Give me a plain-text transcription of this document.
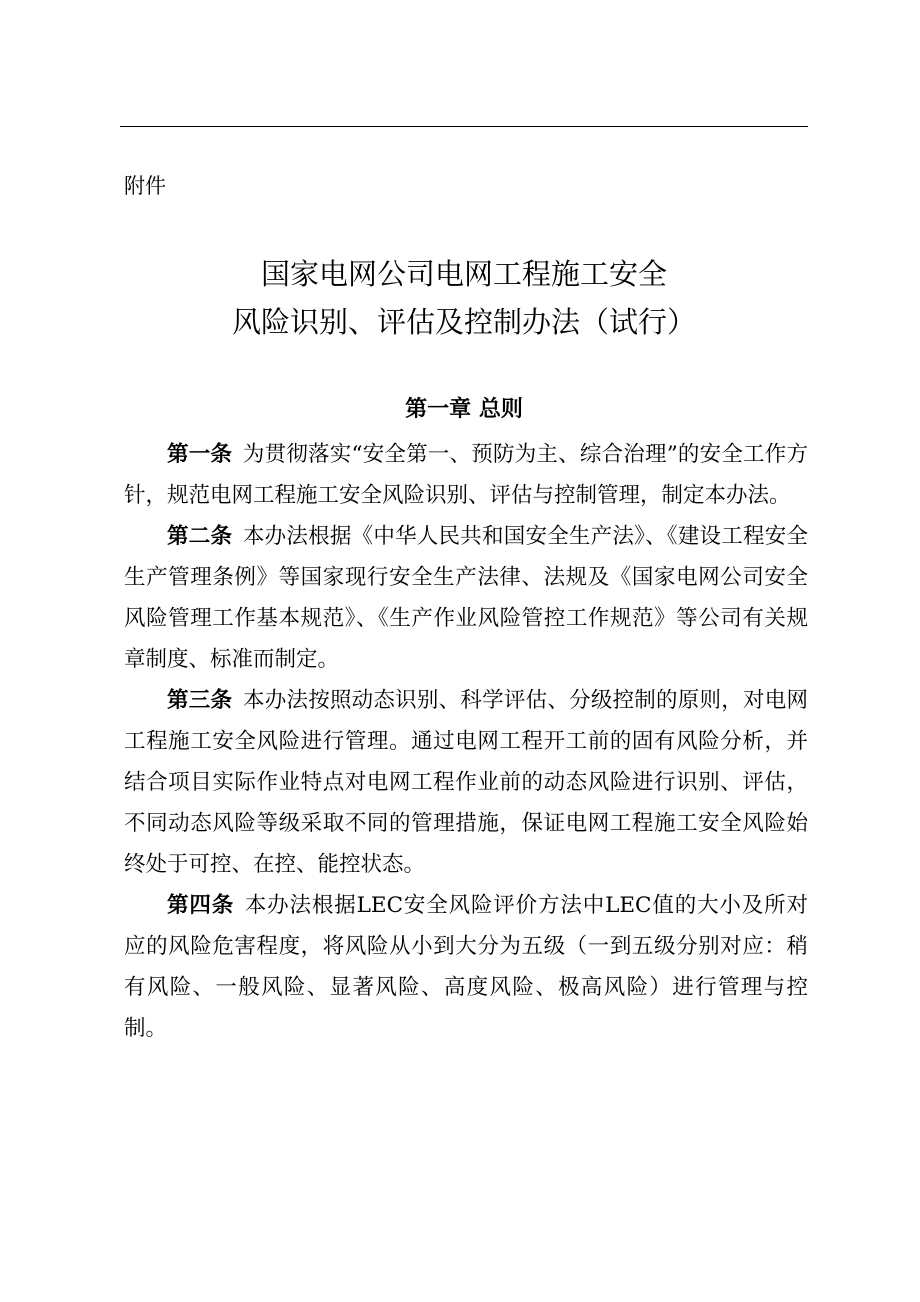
附件
国家电网公司电网工程施工安全
风险识别、评估及控制办法（试行）
第一章 总则

第一条 为贯彻落实“安全第一、预防为主、综合治理”的安全工作方针，规范电网工程施工安全风险识别、评估与控制管理，制定本办法。

第二条 本办法根据《中华人民共和国安全生产法》、《建设工程安全生产管理条例》等国家现行安全生产法律、法规及《国家电网公司安全风险管理工作基本规范》、《生产作业风险管控工作规范》等公司有关规章制度、标准而制定。

第三条 本办法按照动态识别、科学评估、分级控制的原则，对电网工程施工安全风险进行管理。通过电网工程开工前的固有风险分析，并结合项目实际作业特点对电网工程作业前的动态风险进行识别、评估，不同动态风险等级采取不同的管理措施，保证电网工程施工安全风险始终处于可控、在控、能控状态。

第四条 本办法根据LEC安全风险评价方法中LEC值的大小及所对应的风险危害程度，将风险从小到大分为五级（一到五级分别对应：稍有风险、一般风险、显著风险、高度风险、极高风险）进行管理与控制。
